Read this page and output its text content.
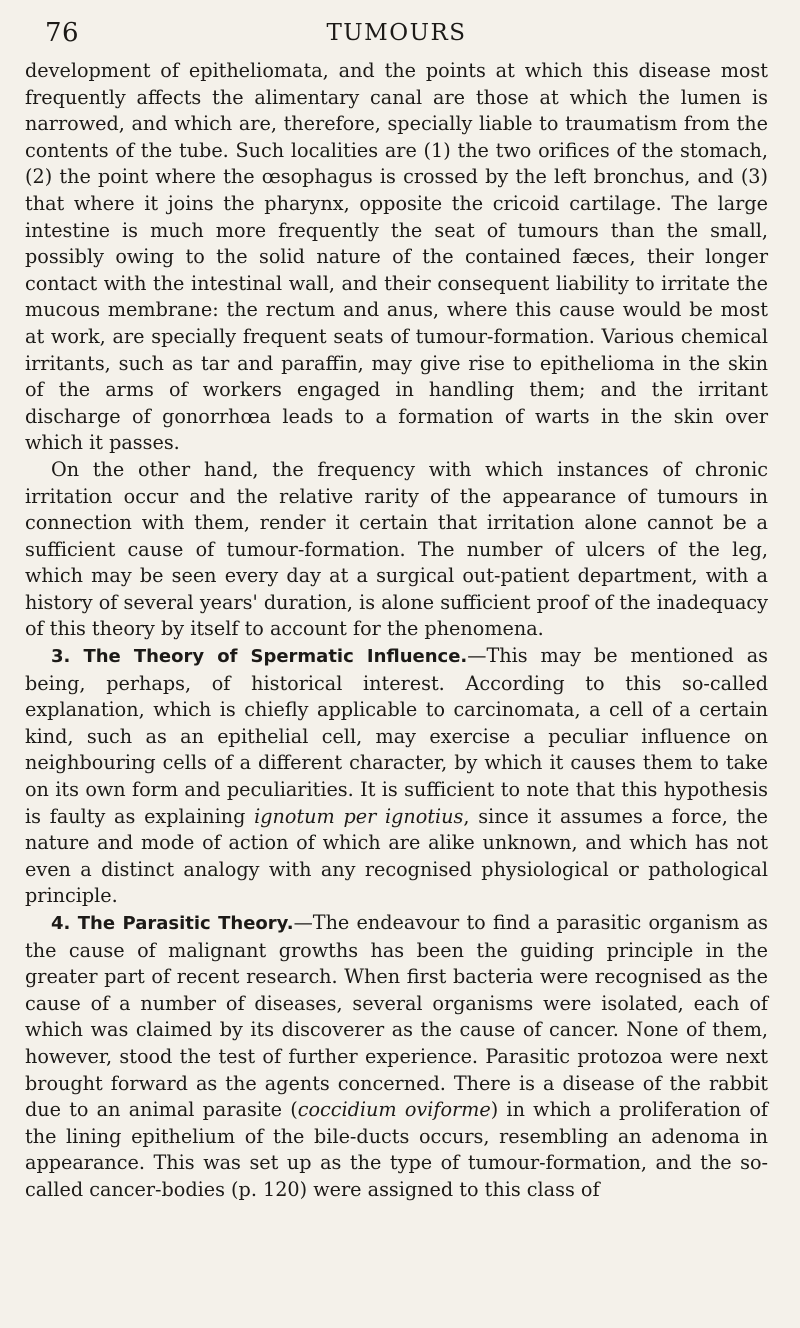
76	TUMOURS

development of epitheliomata, and the points at which this disease most frequently affects the alimentary canal are those at which the lumen is narrowed, and which are, therefore, specially liable to traumatism from the contents of the tube. Such localities are (1) the two orifices of the stomach, (2) the point where the œsophagus is crossed by the left bronchus, and (3) that where it joins the pharynx, opposite the cricoid cartilage. The large intestine is much more frequently the seat of tumours than the small, possibly owing to the solid nature of the contained fæces, their longer contact with the intestinal wall, and their consequent liability to irritate the mucous membrane: the rectum and anus, where this cause would be most at work, are specially frequent seats of tumour-formation. Various chemical irritants, such as tar and paraffin, may give rise to epithelioma in the skin of the arms of workers engaged in handling them; and the irritant discharge of gonorrhœa leads to a formation of warts in the skin over which it passes.

On the other hand, the frequency with which instances of chronic irritation occur and the relative rarity of the appearance of tumours in connection with them, render it certain that irritation alone cannot be a sufficient cause of tumour-formation. The number of ulcers of the leg, which may be seen every day at a surgical out-patient department, with a history of several years' duration, is alone sufficient proof of the inadequacy of this theory by itself to account for the phenomena.

3. The Theory of Spermatic Influence.—This may be mentioned as being, perhaps, of historical interest. According to this so-called explanation, which is chiefly applicable to carcinomata, a cell of a certain kind, such as an epithelial cell, may exercise a peculiar influence on neighbouring cells of a different character, by which it causes them to take on its own form and peculiarities. It is sufficient to note that this hypothesis is faulty as explaining ignotum per ignotius, since it assumes a force, the nature and mode of action of which are alike unknown, and which has not even a distinct analogy with any recognised physiological or pathological principle.

4. The Parasitic Theory.—The endeavour to find a parasitic organism as the cause of malignant growths has been the guiding principle in the greater part of recent research. When first bacteria were recognised as the cause of a number of diseases, several organisms were isolated, each of which was claimed by its discoverer as the cause of cancer. None of them, however, stood the test of further experience. Parasitic protozoa were next brought forward as the agents concerned. There is a disease of the rabbit due to an animal parasite (coccidium oviforme) in which a proliferation of the lining epithelium of the bile-ducts occurs, resembling an adenoma in appearance. This was set up as the type of tumour-formation, and the so-called cancer-bodies (p. 120) were assigned to this class of
